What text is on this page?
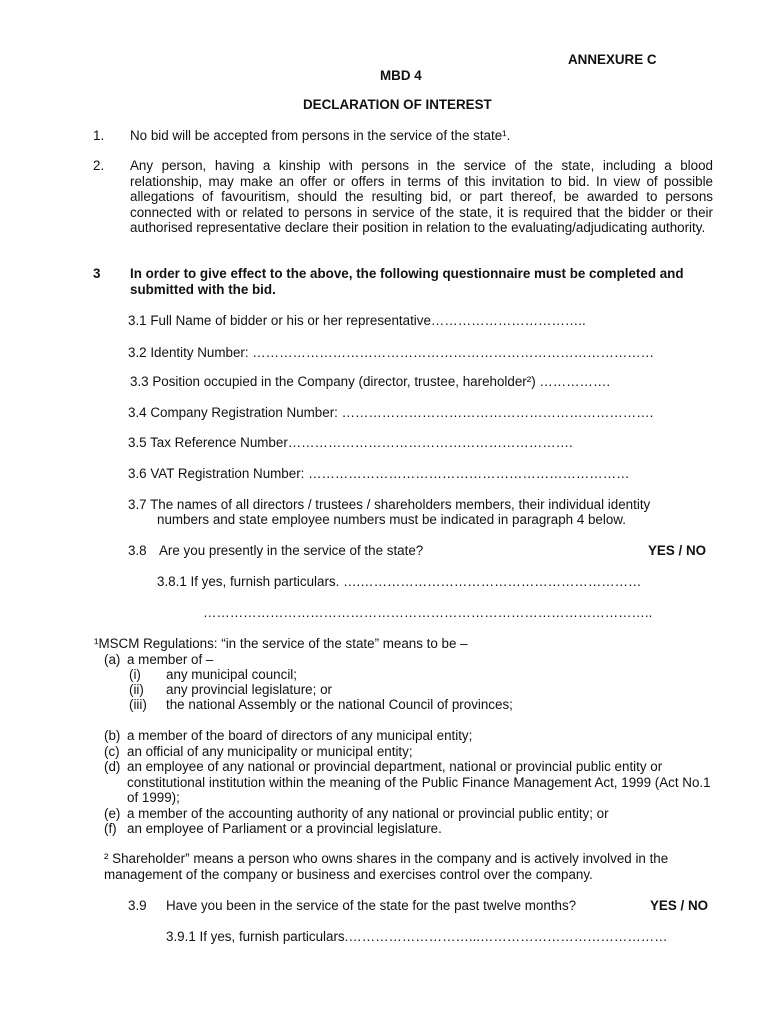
ANNEXURE C
MBD 4
DECLARATION OF INTEREST
1. No bid will be accepted from persons in the service of the state¹.
2. Any person, having a kinship with persons in the service of the state, including a blood relationship, may make an offer or offers in terms of this invitation to bid. In view of possible allegations of favouritism, should the resulting bid, or part thereof, be awarded to persons connected with or related to persons in service of the state, it is required that the bidder or their authorised representative declare their position in relation to the evaluating/adjudicating authority.
3 In order to give effect to the above, the following questionnaire must be completed and submitted with the bid.
3.1 Full Name of bidder or his or her representative……………………………..
3.2 Identity Number: ………………………………………………………………………………
3.3 Position occupied in the Company (director, trustee, hareholder²) …………….
3.4 Company Registration Number: …………………………………………………………….
3.5 Tax Reference Number……………………………………………………….
3.6 VAT Registration Number: ………………………………………………………………
3.7 The names of all directors / trustees / shareholders members, their individual identity
numbers and state employee numbers must be indicated in paragraph 4 below.
3.8 Are you presently in the service of the state?	YES / NO
3.8.1 If yes, furnish particulars. ….………………………………………………………
………………………………………………………………………………………..
¹MSCM Regulations: “in the service of the state” means to be –
(a) a member of –
(i) any municipal council;
(ii) any provincial legislature; or
(iii) the national Assembly or the national Council of provinces;
(b) a member of the board of directors of any municipal entity;
(c) an official of any municipality or municipal entity;
(d) an employee of any national or provincial department, national or provincial public entity or constitutional institution within the meaning of the Public Finance Management Act, 1999 (Act No.1 of 1999);
(e) a member of the accounting authority of any national or provincial public entity; or
(f) an employee of Parliament or a provincial legislature.
² Shareholder” means a person who owns shares in the company and is actively involved in the management of the company or business and exercises control over the company.
3.9 Have you been in the service of the state for the past twelve months?	YES / NO
3.9.1 If yes, furnish particulars.………………………...……………………………………
